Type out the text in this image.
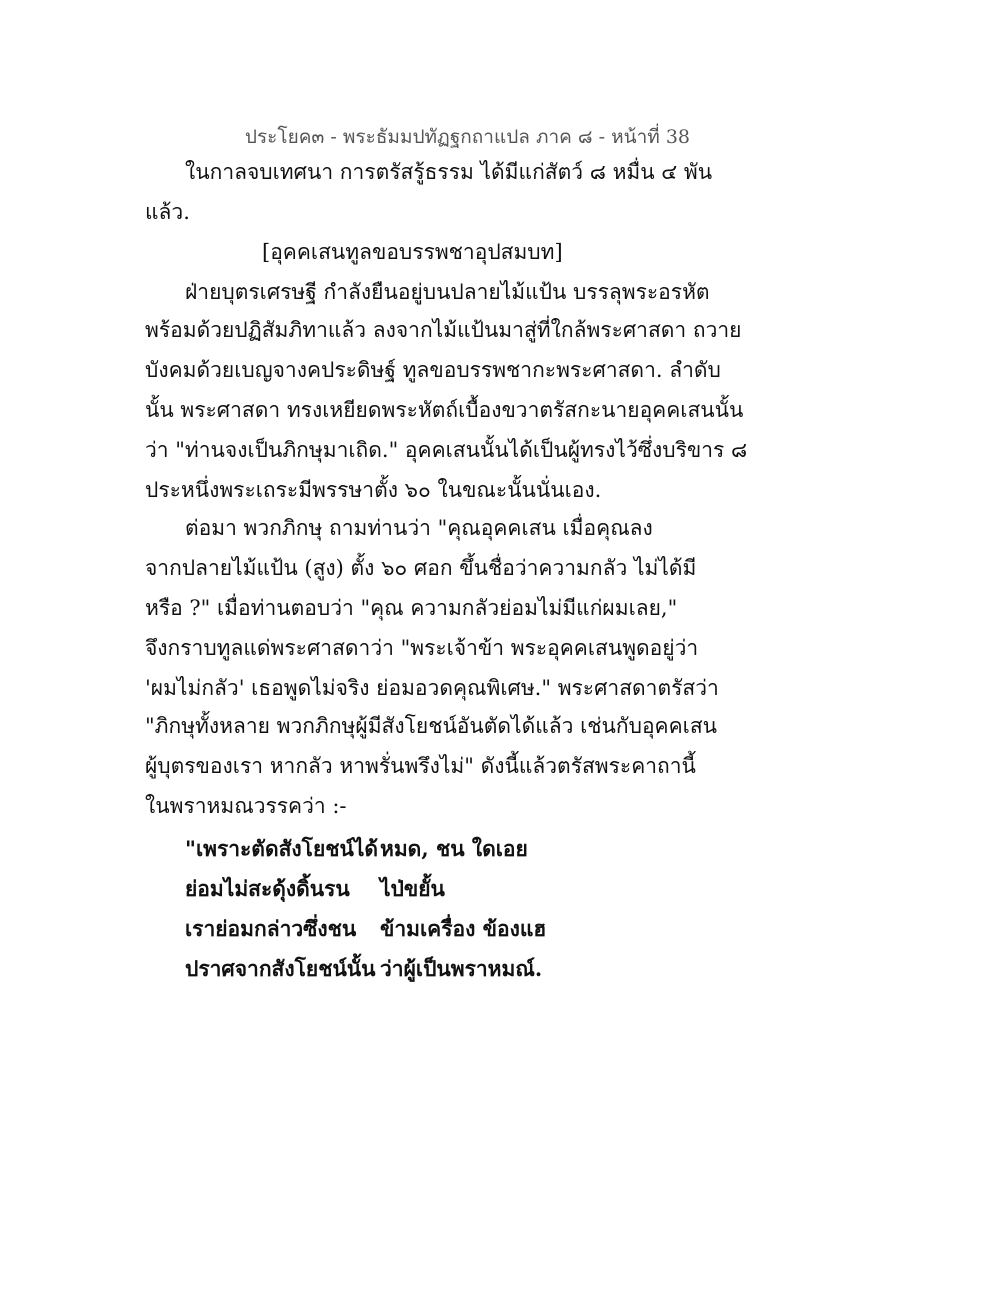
ประโยค๓ - พระธัมมปทัฏฐกถาแปล ภาค ๘ - หน้าที่ 38
ในกาลจบเทศนา การตรัสรู้ธรรม ได้มีแก่สัตว์ ๘ หมื่น ๔ พัน
แล้ว.
[อุคคเสนทูลขอบรรพชาอุปสมบท]
ฝ่ายบุตรเศรษฐี กำลังยืนอยู่บนปลายไม้แป้น บรรลุพระอรหัต
พร้อมด้วยปฏิสัมภิทาแล้ว ลงจากไม้แป้นมาสู่ที่ใกล้พระศาสดา ถวาย
บังคมด้วยเบญจางคประดิษฐ์ ทูลขอบรรพชากะพระศาสดา. ลำดับ
นั้น พระศาสดา ทรงเหยียดพระหัตถ์เบื้องขวาตรัสกะนายอุคคเสนนั้น
ว่า "ท่านจงเป็นภิกษุมาเถิด." อุคคเสนนั้นได้เป็นผู้ทรงไว้ซึ่งบริขาร ๘
ประหนึ่งพระเถระมีพรรษาตั้ง ๖๐ ในขณะนั้นนั่นเอง.
ต่อมา พวกภิกษุ ถามท่านว่า "คุณอุคคเสน เมื่อคุณลง
จากปลายไม้แป้น (สูง) ตั้ง ๖๐ ศอก ขึ้นชื่อว่าความกลัว ไม่ได้มี
หรือ ?" เมื่อท่านตอบว่า "คุณ ความกลัวย่อมไม่มีแก่ผมเลย,"
จึงกราบทูลแด่พระศาสดาว่า "พระเจ้าข้า พระอุคคเสนพูดอยู่ว่า
'ผมไม่กลัว' เธอพูดไม่จริง ย่อมอวดคุณพิเศษ." พระศาสดาตรัสว่า
"ภิกษุทั้งหลาย พวกภิกษุผู้มีสังโยชน์อันตัดได้แล้ว เช่นกับอุคคเสน
ผู้บุตรของเรา หากลัว หาพรั่นพรึงไม่" ดังนี้แล้วตรัสพระคาถานี้
ในพราหมณวรรคว่า :-
"เพราะตัดสังโยชน์ได้ หมด, ชน ใดเอย
ย่อมไม่สะดุ้งดิ้นรน ไป่ขยั้น
เราย่อมกล่าวซึ่งชน ข้ามเครื่อง ข้องแฮ
ปราศจากสังโยชน์นั้น ว่าผู้เป็นพราหมณ์.
